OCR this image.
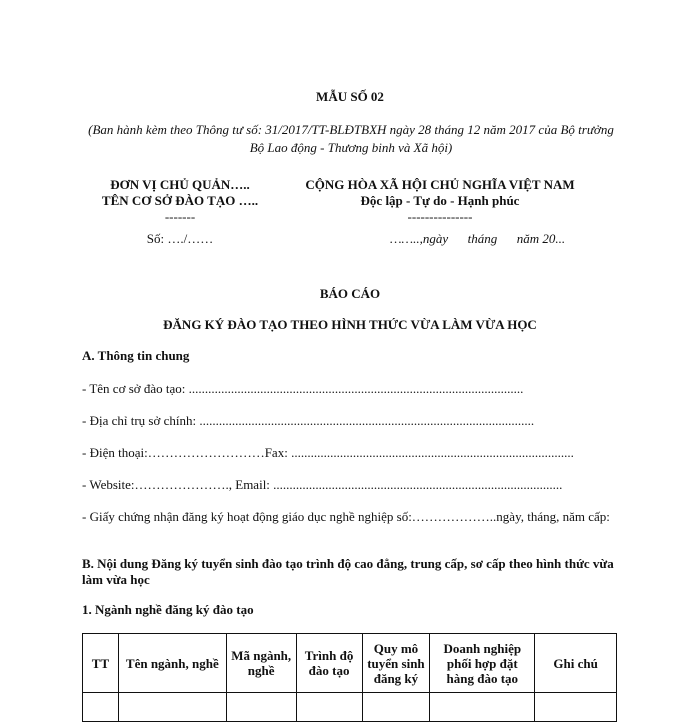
MẪU SỐ 02
(Ban hành kèm theo Thông tư số: 31/2017/TT-BLĐTBXH ngày 28 tháng 12 năm 2017 của Bộ trưởng Bộ Lao động - Thương binh và Xã hội)
ĐƠN VỊ CHỦ QUẢN…..
TÊN CƠ SỞ ĐÀO TẠO …..
-------
CỘNG HÒA XÃ HỘI CHỦ NGHĨA VIỆT NAM
Độc lập - Tự do - Hạnh phúc
---------------
Số: …./……	……..,ngày      tháng      năm 20...
BÁO CÁO
ĐĂNG KÝ ĐÀO TẠO THEO HÌNH THỨC VỪA LÀM VỪA HỌC
A. Thông tin chung
- Tên cơ sở đào tạo: .......................................................................................................
- Địa chỉ trụ sở chính: .......................................................................................................
- Điện thoại:………………………Fax: .......................................................................................
- Website:…………………., Email: .........................................................................................
- Giấy chứng nhận đăng ký hoạt động giáo dục nghề nghiệp số:………………..ngày, tháng, năm cấp:
B. Nội dung Đăng ký tuyển sinh đào tạo trình độ cao đẳng, trung cấp, sơ cấp theo hình thức vừa làm vừa học
1. Ngành nghề đăng ký đào tạo
TT	Tên ngành, nghề	Mã ngành, nghề	Trình độ đào tạo	Quy mô tuyển sinh đăng ký	Doanh nghiệp phối hợp đặt hàng đào tạo	Ghi chú
